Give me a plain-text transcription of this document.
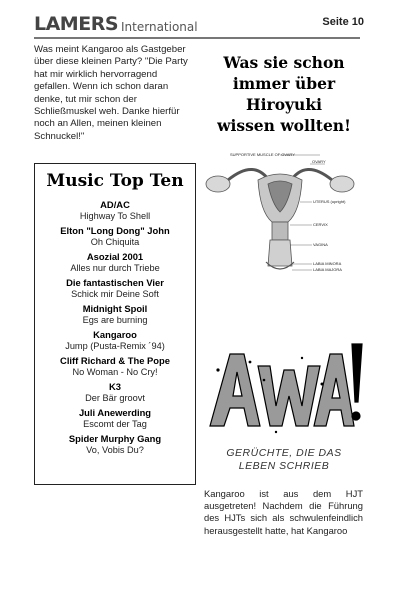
LAMERS International	Seite 10
Was meint Kangaroo als Gastgeber über diese kleinen Party? "Die Party hat mir wirklich hervorragend gefallen. Wenn ich schon daran denke, tut mir schon der Schließmuskel weh. Danke hierfür noch an Allen, meinen kleinen Schnuckel!"
Was sie schon
immer über
Hiroyuki
wissen wollten!
SUPPORTIVE MUSCLE OF OVARY
OVARY
UTERUS (upright)
CERVIX
VAGINA
LABIA MINORA
LABIA MAJORA
Music Top Ten
AD/AC
Highway To Shell
Elton "Long Dong" John
Oh Chiquita
Asozial 2001
Alles nur durch Triebe
Die fantastischen Vier
Schick mir Deine Soft
Midnight Spoil
Egs are burning
Kangaroo
Jump (Pusta-Remix ´94)
Cliff Richard & The Pope
No Woman - No Cry!
K3
Der Bär groovt
Juli Anewerding
Escomt der Tag
Spider Murphy Gang
Vo, Vobis Du?	GERÜCHTE, DIE DAS
LEBEN SCHRIEB
Kangaroo ist aus dem HJT ausgetreten! Nachdem die Führung des HJTs sich als schwulenfeindlich herausgestellt hatte, hat Kangaroo
